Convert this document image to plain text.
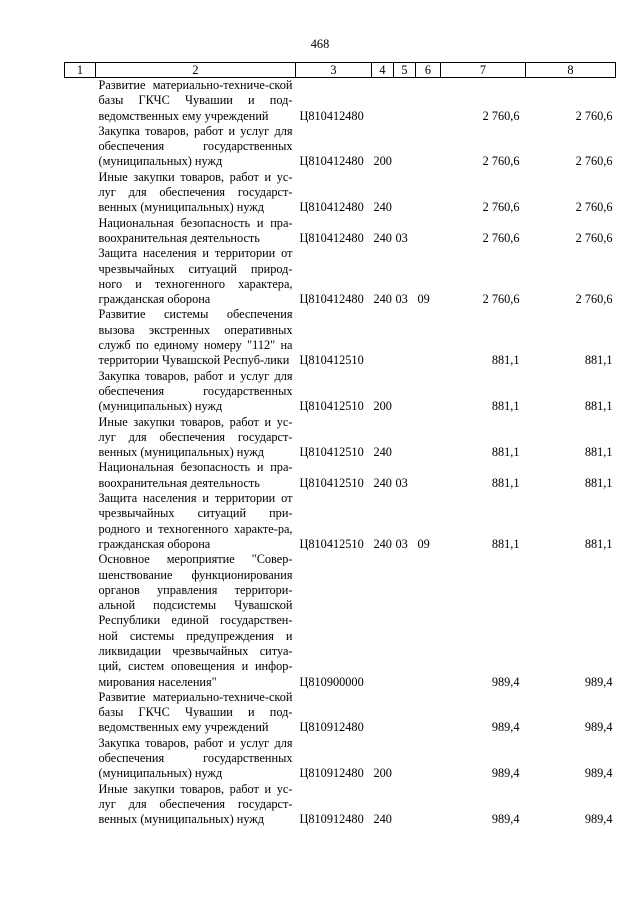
468
1	2	3	4	5	6	7	8
	Развитие материально-техниче-ской базы ГКЧС Чувашии и под-ведомственных ему учреждений	Ц810412480				2 760,6	2 760,6
	Закупка товаров, работ и услуг для обеспечения государственных (муниципальных) нужд	Ц810412480	200			2 760,6	2 760,6
	Иные закупки товаров, работ и ус-луг для обеспечения государст-венных (муниципальных) нужд	Ц810412480	240			2 760,6	2 760,6
	Национальная безопасность и пра-воохранительная деятельность	Ц810412480	240	03		2 760,6	2 760,6
	Защита населения и территории от чрезвычайных ситуаций природ-ного и техногенного характера, гражданская оборона	Ц810412480	240	03	09	2 760,6	2 760,6
	Развитие системы обеспечения вызова экстренных оперативных служб по единому номеру "112" на территории Чувашской Респуб-лики	Ц810412510				881,1	881,1
	Закупка товаров, работ и услуг для обеспечения государственных (муниципальных) нужд	Ц810412510	200			881,1	881,1
	Иные закупки товаров, работ и ус-луг для обеспечения государст-венных (муниципальных) нужд	Ц810412510	240			881,1	881,1
	Национальная безопасность и пра-воохранительная деятельность	Ц810412510	240	03		881,1	881,1
	Защита населения и территории от чрезвычайных ситуаций при-родного и техногенного характе-ра, гражданская оборона	Ц810412510	240	03	09	881,1	881,1
	Основное мероприятие "Совер-шенствование функционирования органов управления территори-альной подсистемы Чувашской Республики единой государствен-ной системы предупреждения и ликвидации чрезвычайных ситуа-ций, систем оповещения и инфор-мирования населения"	Ц810900000				989,4	989,4
	Развитие материально-техниче-ской базы ГКЧС Чувашии и под-ведомственных ему учреждений	Ц810912480				989,4	989,4
	Закупка товаров, работ и услуг для обеспечения государственных (муниципальных) нужд	Ц810912480	200			989,4	989,4
	Иные закупки товаров, работ и ус-луг для обеспечения государст-венных (муниципальных) нужд	Ц810912480	240			989,4	989,4
